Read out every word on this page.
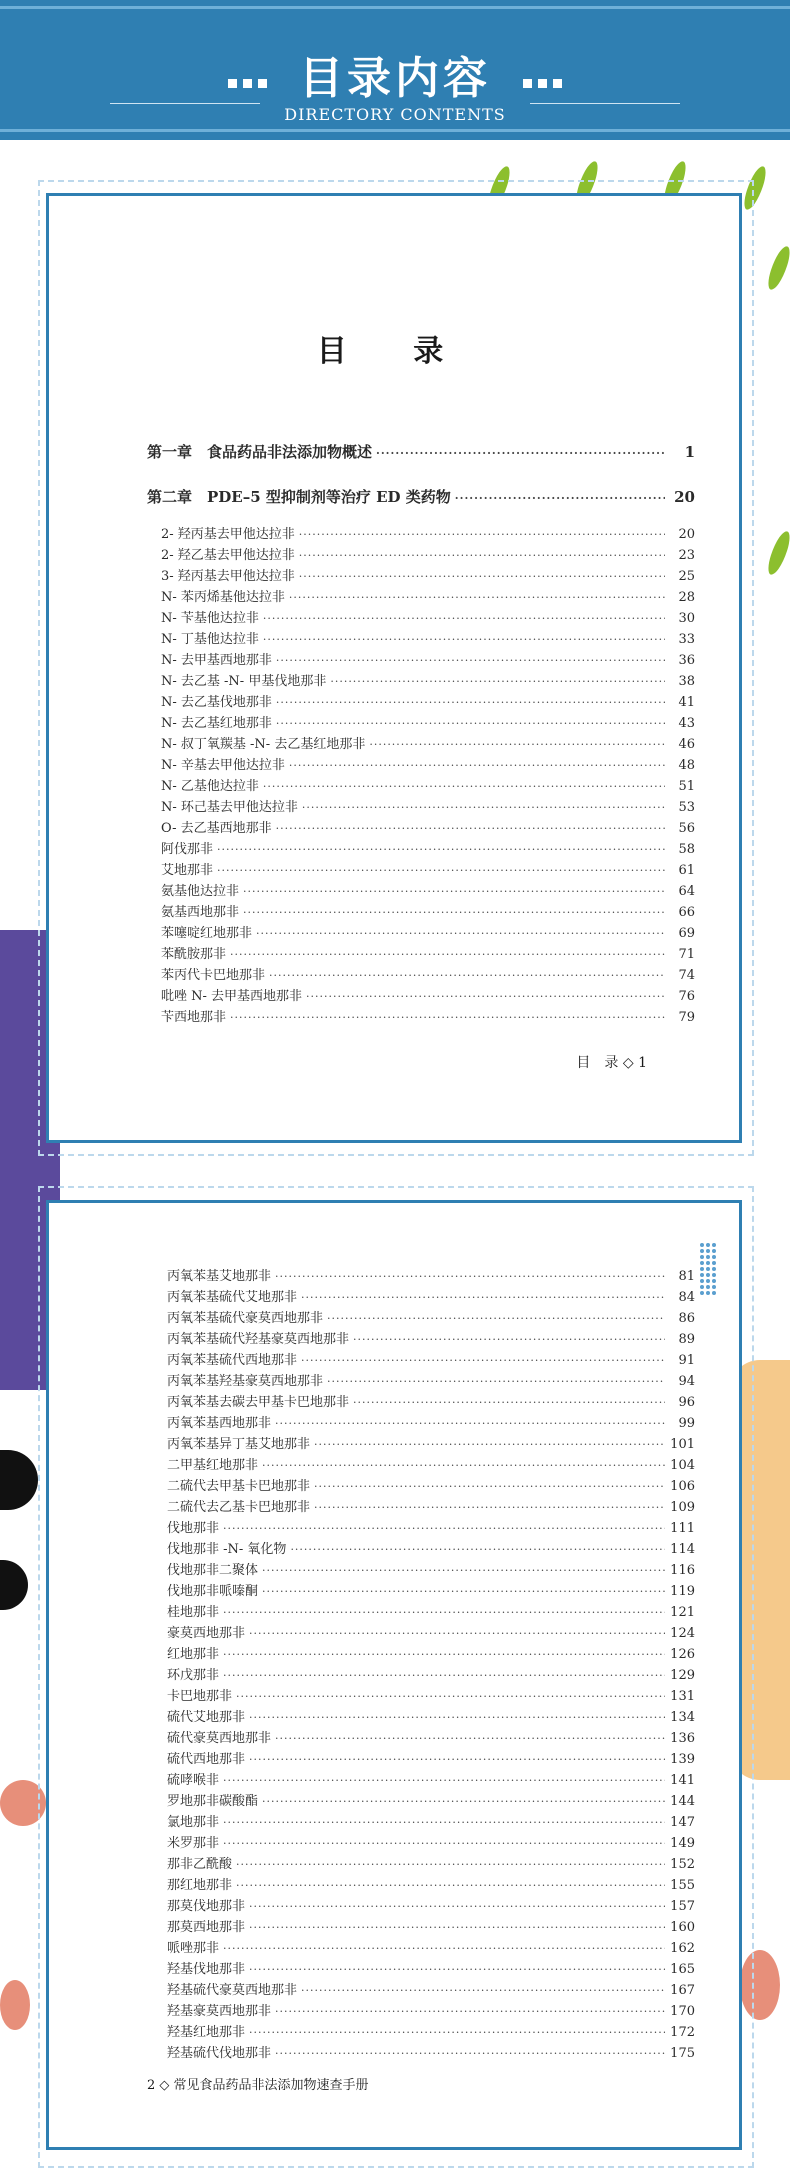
目录内容
DIRECTORY CONTENTS
目 录
第一章　食品药品非法添加物概述 ·····	1
第二章　PDE–5 型抑制剂等治疗 ED 类药物 ·····	20
2- 羟丙基去甲他达拉非 ·····	20
2- 羟乙基去甲他达拉非 ·····	23
3- 羟丙基去甲他达拉非 ·····	25
N- 苯丙烯基他达拉非 ·····	28
N- 苄基他达拉非 ·····	30
N- 丁基他达拉非 ·····	33
N- 去甲基西地那非 ·····	36
N- 去乙基 -N- 甲基伐地那非 ·····	38
N- 去乙基伐地那非 ·····	41
N- 去乙基红地那非 ·····	43
N- 叔丁氧羰基 -N- 去乙基红地那非 ·····	46
N- 辛基去甲他达拉非 ·····	48
N- 乙基他达拉非 ·····	51
N- 环己基去甲他达拉非 ·····	53
O- 去乙基西地那非 ·····	56
阿伐那非 ·····	58
艾地那非 ·····	61
氨基他达拉非 ·····	64
氨基西地那非 ·····	66
苯噻啶红地那非 ·····	69
苯酰胺那非 ·····	71
苯丙代卡巴地那非 ·····	74
吡唑 N- 去甲基西地那非 ·····	76
苄西地那非 ·····	79
目　录 ◇ 1
丙氧苯基艾地那非 ·····	81
丙氧苯基硫代艾地那非 ·····	84
丙氧苯基硫代豪莫西地那非 ·····	86
丙氧苯基硫代羟基豪莫西地那非 ·····	89
丙氧苯基硫代西地那非 ·····	91
丙氧苯基羟基豪莫西地那非 ·····	94
丙氧苯基去碳去甲基卡巴地那非 ·····	96
丙氧苯基西地那非 ·····	99
丙氧苯基异丁基艾地那非 ·····	101
二甲基红地那非 ·····	104
二硫代去甲基卡巴地那非 ·····	106
二硫代去乙基卡巴地那非 ·····	109
伐地那非 ·····	111
伐地那非 -N- 氧化物 ·····	114
伐地那非二聚体 ·····	116
伐地那非哌嗪酮 ·····	119
桂地那非 ·····	121
豪莫西地那非 ·····	124
红地那非 ·····	126
环戊那非 ·····	129
卡巴地那非 ·····	131
硫代艾地那非 ·····	134
硫代豪莫西地那非 ·····	136
硫代西地那非 ·····	139
硫哮喉非 ·····	141
罗地那非碳酸酯 ·····	144
氯地那非 ·····	147
米罗那非 ·····	149
那非乙酰酸 ·····	152
那红地那非 ·····	155
那莫伐地那非 ·····	157
那莫西地那非 ·····	160
哌唑那非 ·····	162
羟基伐地那非 ·····	165
羟基硫代豪莫西地那非 ·····	167
羟基豪莫西地那非 ·····	170
羟基红地那非 ·····	172
羟基硫代伐地那非 ·····	175
2 ◇ 常见食品药品非法添加物速查手册
